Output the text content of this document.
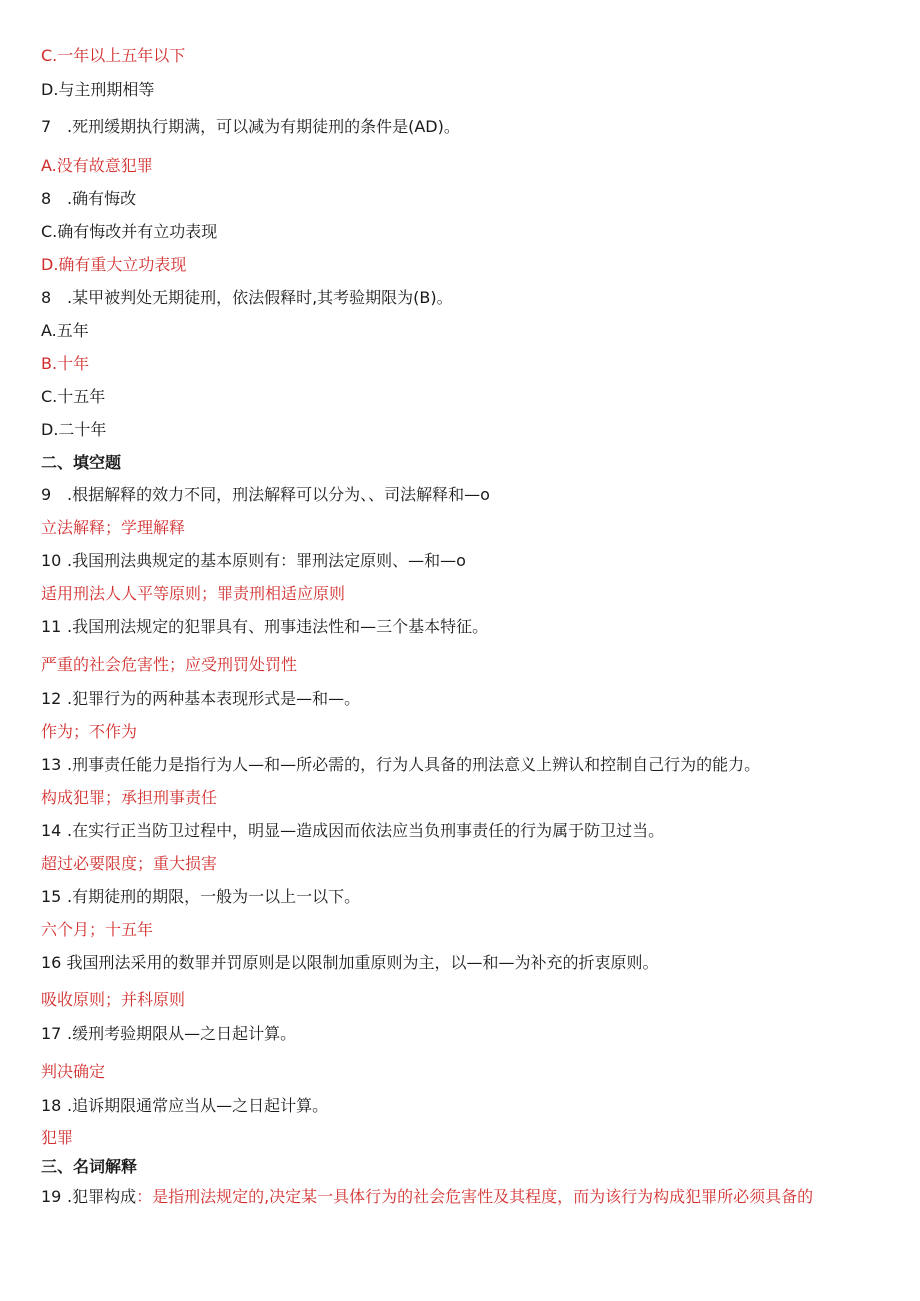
C.一年以上五年以下
D.与主刑期相等
7 .死刑缓期执行期满，可以减为有期徒刑的条件是(AD)。
A.没有故意犯罪
8 .确有悔改
C.确有悔改并有立功表现
D.确有重大立功表现
8 .某甲被判处无期徒刑，依法假释时,其考验期限为(B)。
A.五年
B.十年
C.十五年
D.二十年
二、填空题
9 .根据解释的效力不同，刑法解释可以分为、、司法解释和—o
立法解释；学理解释
10 .我国刑法典规定的基本原则有：罪刑法定原则、—和—o
适用刑法人人平等原则；罪责刑相适应原则
11 .我国刑法规定的犯罪具有、刑事违法性和—三个基本特征。
严重的社会危害性；应受刑罚处罚性
12 .犯罪行为的两种基本表现形式是—和—。
作为；不作为
13 .刑事责任能力是指行为人—和—所必需的，行为人具备的刑法意义上辨认和控制自己行为的能力。
构成犯罪；承担刑事责任
14 .在实行正当防卫过程中，明显—造成因而依法应当负刑事责任的行为属于防卫过当。
超过必要限度；重大损害
15 .有期徒刑的期限，一般为一以上一以下。
六个月；十五年
16 我国刑法采用的数罪并罚原则是以限制加重原则为主，以—和—为补充的折衷原则。
吸收原则；并科原则
17 .缓刑考验期限从—之日起计算。
判决确定
18 .追诉期限通常应当从—之日起计算。
犯罪
三、名词解释
19 .犯罪构成：是指刑法规定的,决定某一具体行为的社会危害性及其程度，而为该行为构成犯罪所必须具备的
